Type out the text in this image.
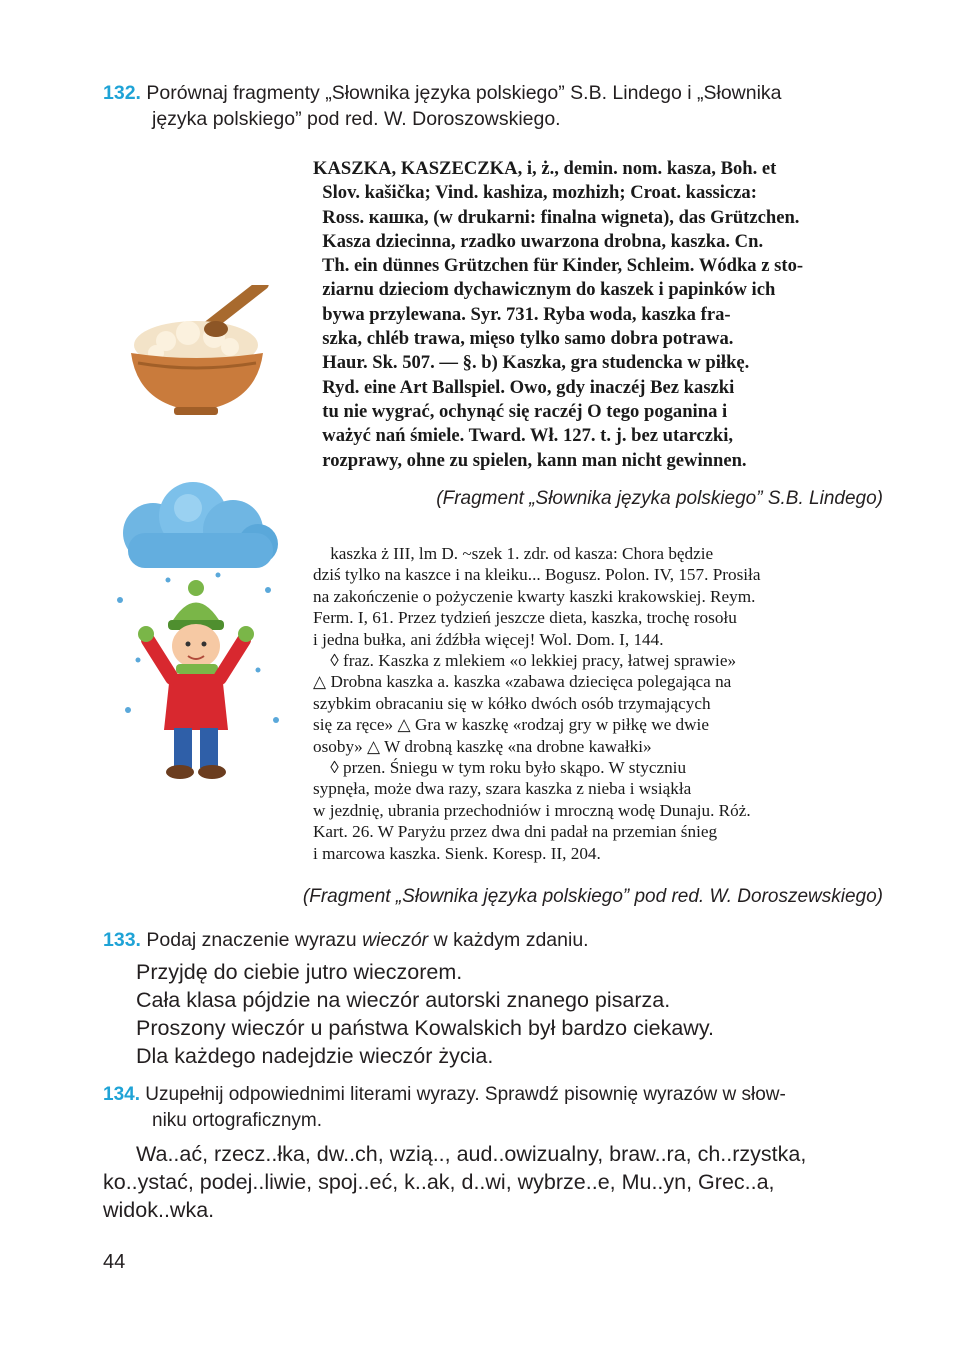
132. Porównaj fragmenty „Słownika języka polskiego” S.B. Lindego i „Słownika
języka polskiego” pod red. W. Doroszowskiego.
KASZKA, KASZECZKA, i, ż., demin. nom. kasza, Boh. et
Slov. kašička; Vind. kashiza, mozhizh; Croat. kassicza:
Ross. кашка, (w drukarni: finalna wigneta), das Grützchen.
Kasza dziecinna, rzadko uwarzona drobna, kaszka. Cn.
Th. ein dünnes Grützchen für Kinder, Schleim. Wódka z sto-
ziarnu dzieciom dychawicznym do kaszek i papinków ich
bywa przylewana. Syr. 731. Ryba woda, kaszka fra-
szka, chléb trawa, mięso tylko samo dobra potrawa.
Haur. Sk. 507. — §. b) Kaszka, gra studencka w piłkę.
Ryd. eine Art Ballspiel. Owo, gdy inaczéj Bez kaszki
tu nie wygrać, ochynąć się raczéj O tego poganina i
ważyć nań śmiele. Tward. Wł. 127. t. j. bez utarczki,
rozprawy, ohne zu spielen, kann man nicht gewinnen.
(Fragment „Słownika języka polskiego” S.B. Lindego)
kaszka ż III, lm D. ~szek 1. zdr. od kasza: Chora będzie
dziś tylko na kaszce i na kleiku... Bogusz. Polon. IV, 157. Prosiła
na zakończenie o pożyczenie kwarty kaszki krakowskiej. Reym.
Ferm. I, 61. Przez tydzień jeszcze dieta, kaszka, trochę rosołu
i jedna bułka, ani źdźbła więcej! Wol. Dom. I, 144.
◊ fraz. Kaszka z mlekiem «o lekkiej pracy, łatwej sprawie»
△ Drobna kaszka a. kaszka «zabawa dziecięca polegająca na
szybkim obracaniu się w kółko dwóch osób trzymających
się za ręce» △ Gra w kaszkę «rodzaj gry w piłkę we dwie
osoby» △ W drobną kaszkę «na drobne kawałki»
◊ przen. Śniegu w tym roku było skąpo. W styczniu
sypnęła, może dwa razy, szara kaszka z nieba i wsiąkła
w jezdnię, ubrania przechodniów i mroczną wodę Dunaju. Róż.
Kart. 26. W Paryżu przez dwa dni padał na przemian śnieg
i marcowa kaszka. Sienk. Koresp. II, 204.
(Fragment „Słownika języka polskiego” pod red. W. Doroszewskiego)
133. Podaj znaczenie wyrazu wieczór w każdym zdaniu.
Przyjdę do ciebie jutro wieczorem.
Cała klasa pójdzie na wieczór autorski znanego pisarza.
Proszony wieczór u państwa Kowalskich był bardzo ciekawy.
Dla każdego nadejdzie wieczór życia.
134. Uzupełnij odpowiednimi literami wyrazy. Sprawdź pisownię wyrazów w słow-
niku ortograficznym.
Wa..ać, rzecz..łka, dw..ch, wzią.., aud..owizualny, braw..ra, ch..rzystka,
ko..ystać, podej..liwie, spoj..eć, k..ak, d..wi, wybrze..e, Mu..yn, Grec..a,
widok..wka.
44
